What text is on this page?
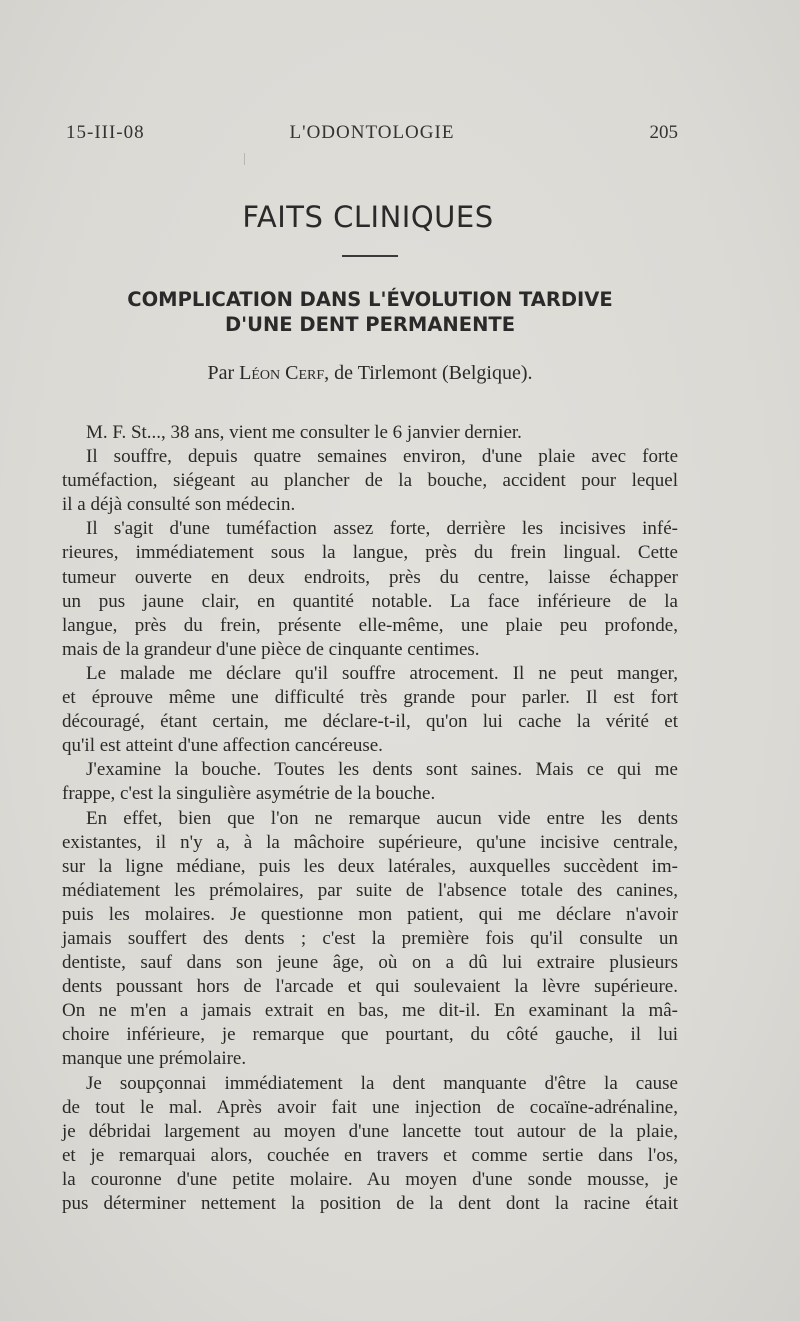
15-III-08	L'ODONTOLOGIE	205
FAITS CLINIQUES
COMPLICATION DANS L'ÉVOLUTION TARDIVE
D'UNE DENT PERMANENTE
Par Léon Cerf, de Tirlemont (Belgique).
M. F. St..., 38 ans, vient me consulter le 6 janvier dernier.
Il souffre, depuis quatre semaines environ, d'une plaie avec forte
tuméfaction, siégeant au plancher de la bouche, accident pour lequel
il a déjà consulté son médecin.
Il s'agit d'une tuméfaction assez forte, derrière les incisives infé-
rieures, immédiatement sous la langue, près du frein lingual. Cette
tumeur ouverte en deux endroits, près du centre, laisse échapper
un pus jaune clair, en quantité notable. La face inférieure de la
langue, près du frein, présente elle-même, une plaie peu profonde,
mais de la grandeur d'une pièce de cinquante centimes.
Le malade me déclare qu'il souffre atrocement. Il ne peut manger,
et éprouve même une difficulté très grande pour parler. Il est fort
découragé, étant certain, me déclare-t-il, qu'on lui cache la vérité et
qu'il est atteint d'une affection cancéreuse.
J'examine la bouche. Toutes les dents sont saines. Mais ce qui me
frappe, c'est la singulière asymétrie de la bouche.
En effet, bien que l'on ne remarque aucun vide entre les dents
existantes, il n'y a, à la mâchoire supérieure, qu'une incisive centrale,
sur la ligne médiane, puis les deux latérales, auxquelles succèdent im-
médiatement les prémolaires, par suite de l'absence totale des canines,
puis les molaires. Je questionne mon patient, qui me déclare n'avoir
jamais souffert des dents ; c'est la première fois qu'il consulte un
dentiste, sauf dans son jeune âge, où on a dû lui extraire plusieurs
dents poussant hors de l'arcade et qui soulevaient la lèvre supérieure.
On ne m'en a jamais extrait en bas, me dit-il. En examinant la mâ-
choire inférieure, je remarque que pourtant, du côté gauche, il lui
manque une prémolaire.
Je soupçonnai immédiatement la dent manquante d'être la cause
de tout le mal. Après avoir fait une injection de cocaïne-adrénaline,
je débridai largement au moyen d'une lancette tout autour de la plaie,
et je remarquai alors, couchée en travers et comme sertie dans l'os,
la couronne d'une petite molaire. Au moyen d'une sonde mousse, je
pus déterminer nettement la position de la dent dont la racine était
